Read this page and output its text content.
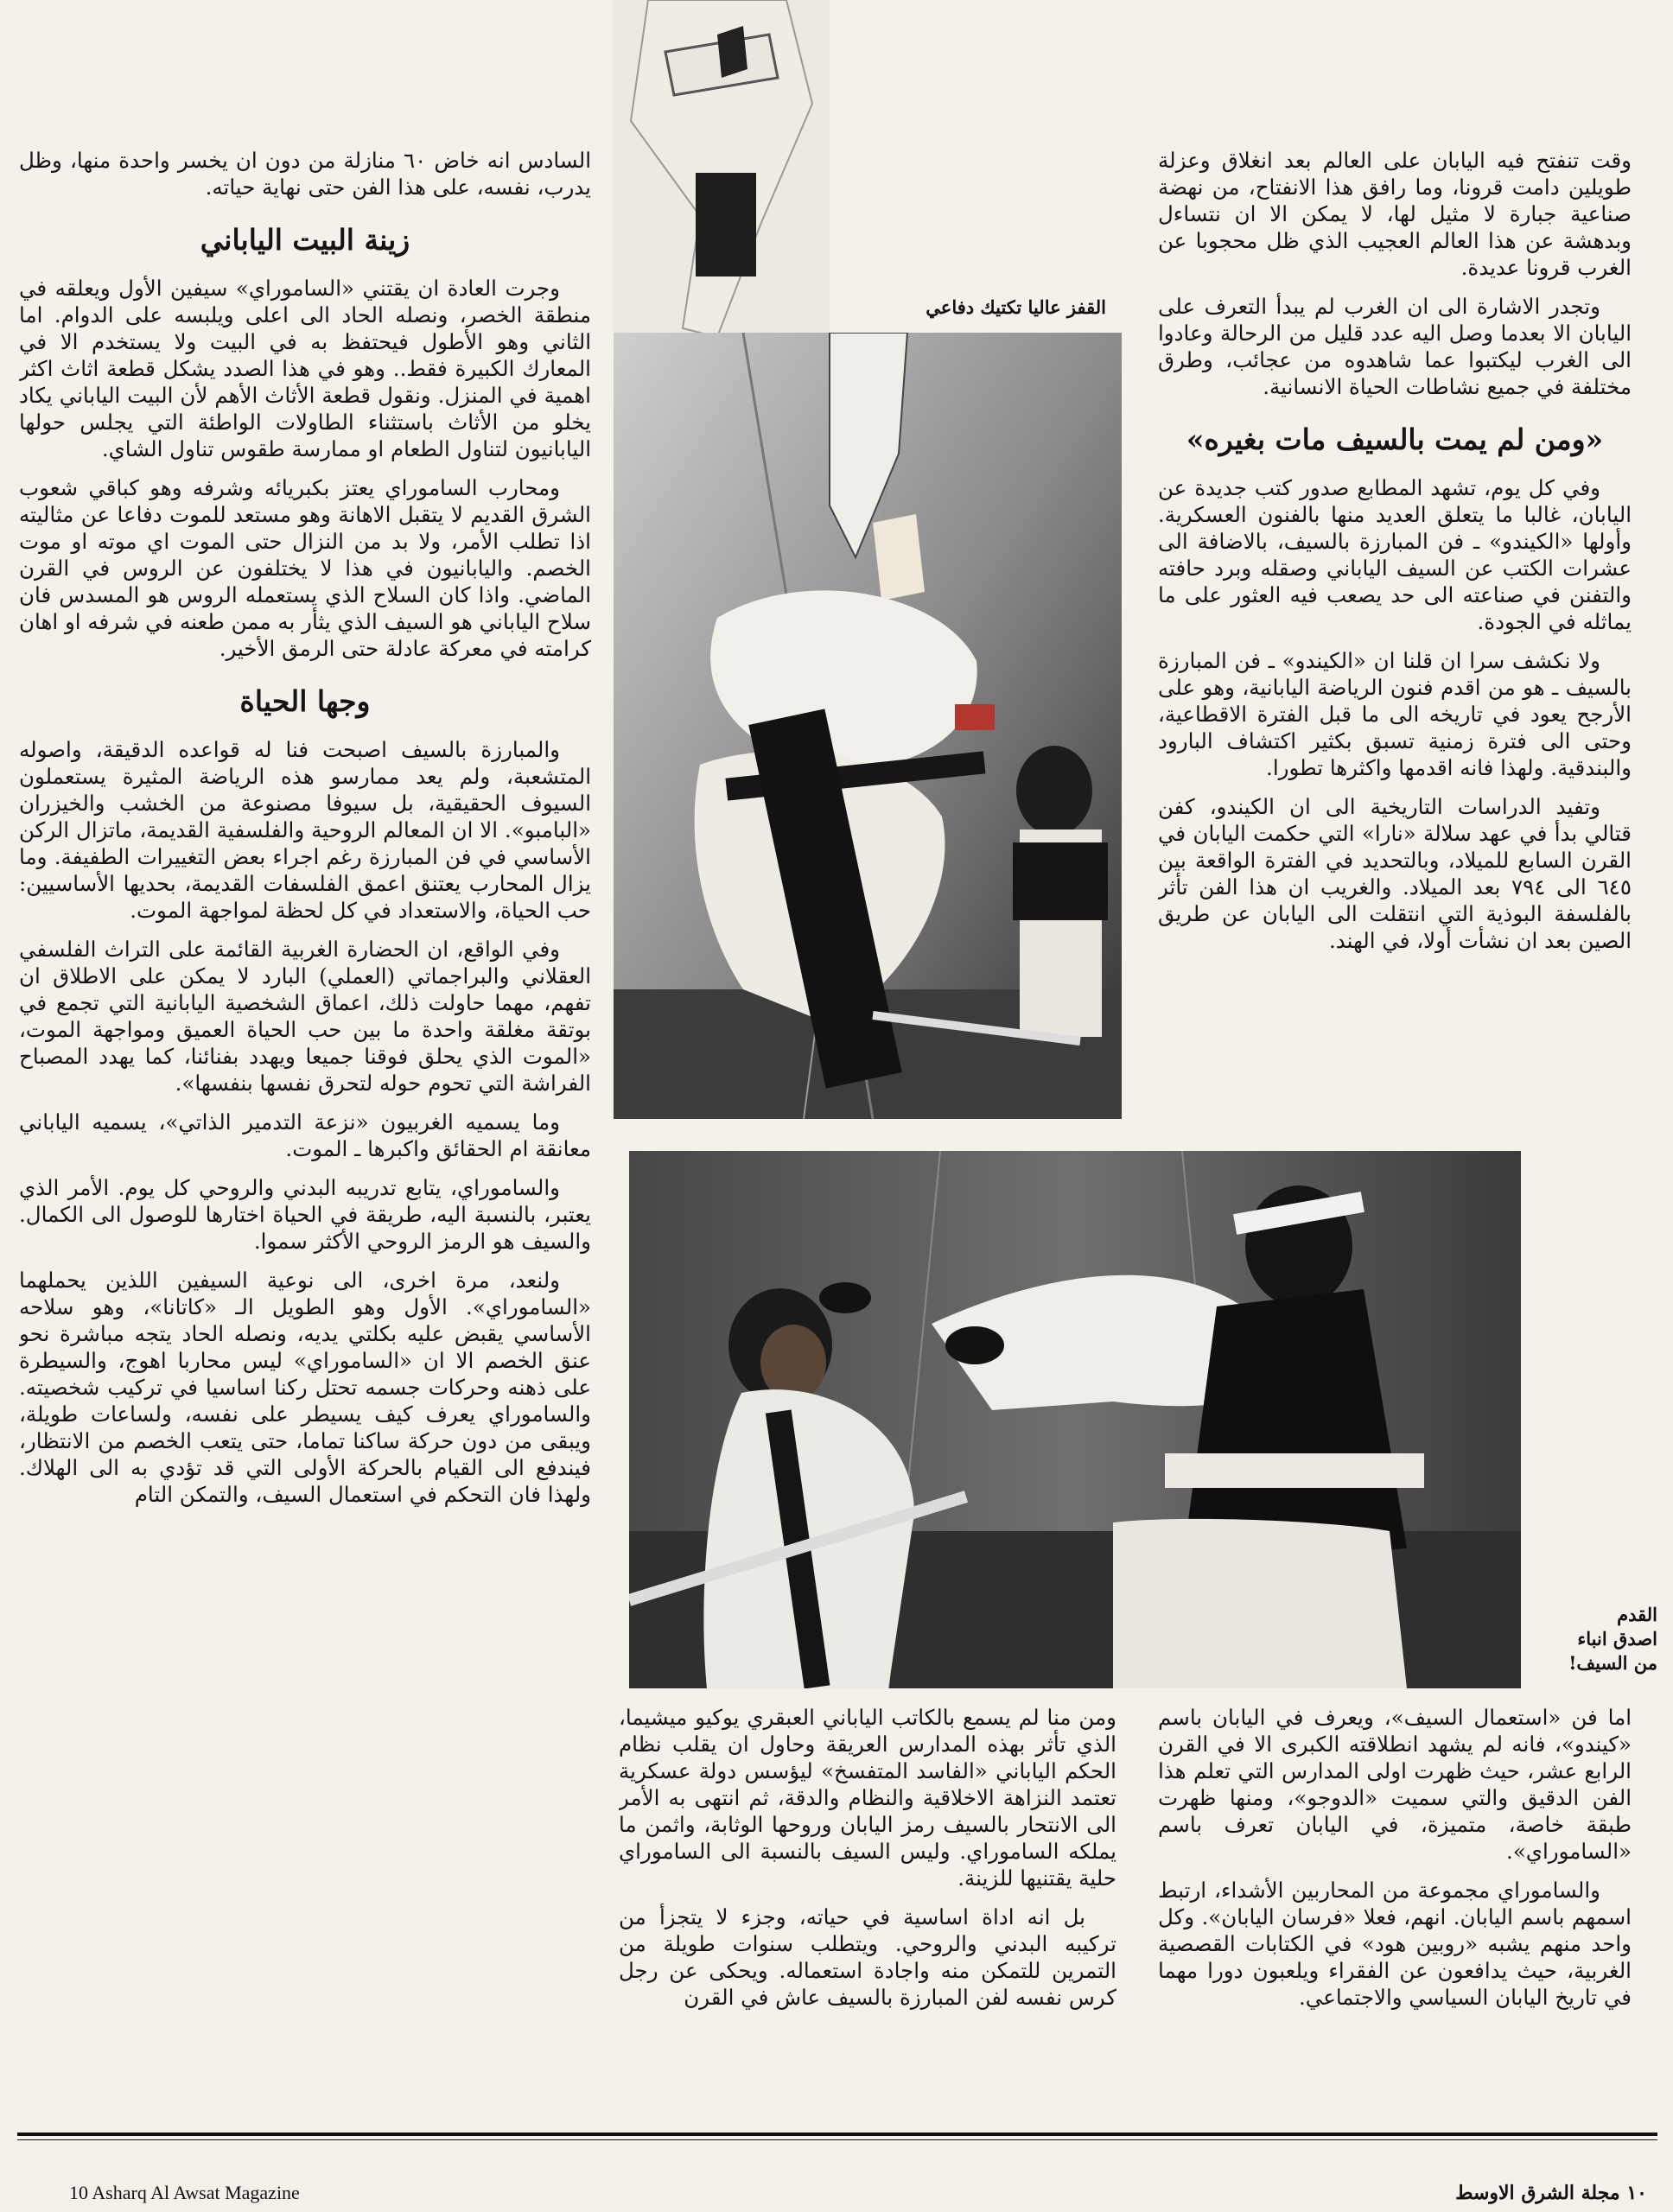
القفز عاليا تكتيك دفاعي
القدم
اصدق انباء
من السيف!

وقت تنفتح فيه اليابان على العالم بعد انغلاق وعزلة طويلين دامت قرونا، وما رافق هذا الانفتاح، من نهضة صناعية جبارة لا مثيل لها، لا يمكن الا ان نتساءل وبدهشة عن هذا العالم العجيب الذي ظل محجوبا عن الغرب قرونا عديدة.

وتجدر الاشارة الى ان الغرب لم يبدأ التعرف على اليابان الا بعدما وصل اليه عدد قليل من الرحالة وعادوا الى الغرب ليكتبوا عما شاهدوه من عجائب، وطرق مختلفة في جميع نشاطات الحياة الانسانية.

«ومن لم يمت بالسيف مات بغيره»

وفي كل يوم، تشهد المطابع صدور كتب جديدة عن اليابان، غالبا ما يتعلق العديد منها بالفنون العسكرية. وأولها «الكيندو» ـ فن المبارزة بالسيف، بالاضافة الى عشرات الكتب عن السيف الياباني وصقله وبرد حافته والتفنن في صناعته الى حد يصعب فيه العثور على ما يماثله في الجودة.

ولا نكشف سرا ان قلنا ان «الكيندو» ـ فن المبارزة بالسيف ـ هو من اقدم فنون الرياضة اليابانية، وهو على الأرجح يعود في تاريخه الى ما قبل الفترة الاقطاعية، وحتى الى فترة زمنية تسبق بكثير اكتشاف البارود والبندقية. ولهذا فانه اقدمها واكثرها تطورا.

وتفيد الدراسات التاريخية الى ان الكيندو، كفن قتالي بدأ في عهد سلالة «نارا» التي حكمت اليابان في القرن السابع للميلاد، وبالتحديد في الفترة الواقعة بين ٦٤٥ الى ٧٩٤ بعد الميلاد. والغريب ان هذا الفن تأثر بالفلسفة البوذية التي انتقلت الى اليابان عن طريق الصين بعد ان نشأت أولا، في الهند.

السادس انه خاض ٦٠ منازلة من دون ان يخسر واحدة منها، وظل يدرب، نفسه، على هذا الفن حتى نهاية حياته.

زينة البيت الياباني

وجرت العادة ان يقتني «الساموراي» سيفين الأول ويعلقه في منطقة الخصر، ونصله الحاد الى اعلى ويلبسه على الدوام. اما الثاني وهو الأطول فيحتفظ به في البيت ولا يستخدم الا في المعارك الكبيرة فقط.. وهو في هذا الصدد يشكل قطعة اثاث اكثر اهمية في المنزل. ونقول قطعة الأثاث الأهم لأن البيت الياباني يكاد يخلو من الأثاث باستثناء الطاولات الواطئة التي يجلس حولها اليابانيون لتناول الطعام او ممارسة طقوس تناول الشاي.

ومحارب الساموراي يعتز بكبريائه وشرفه وهو كباقي شعوب الشرق القديم لا يتقبل الاهانة وهو مستعد للموت دفاعا عن مثاليته اذا تطلب الأمر، ولا بد من النزال حتى الموت اي موته او موت الخصم. واليابانيون في هذا لا يختلفون عن الروس في القرن الماضي. واذا كان السلاح الذي يستعمله الروس هو المسدس فان سلاح الياباني هو السيف الذي يثأر به ممن طعنه في شرفه او اهان كرامته في معركة عادلة حتى الرمق الأخير.

وجها الحياة

والمبارزة بالسيف اصبحت فنا له قواعده الدقيقة، واصوله المتشعبة، ولم يعد ممارسو هذه الرياضة المثيرة يستعملون السيوف الحقيقية، بل سيوفا مصنوعة من الخشب والخيزران «البامبو». الا ان المعالم الروحية والفلسفية القديمة، ماتزال الركن الأساسي في فن المبارزة رغم اجراء بعض التغييرات الطفيفة. وما يزال المحارب يعتنق اعمق الفلسفات القديمة، بحديها الأساسيين: حب الحياة، والاستعداد في كل لحظة لمواجهة الموت.

وفي الواقع، ان الحضارة الغربية القائمة على التراث الفلسفي العقلاني والبراجماتي (العملي) البارد لا يمكن على الاطلاق ان تفهم، مهما حاولت ذلك، اعماق الشخصية اليابانية التي تجمع في بوتقة مغلقة واحدة ما بين حب الحياة العميق ومواجهة الموت، «الموت الذي يحلق فوقنا جميعا ويهدد بفنائنا، كما يهدد المصباح الفراشة التي تحوم حوله لتحرق نفسها بنفسها».

وما يسميه الغربيون «نزعة التدمير الذاتي»، يسميه الياباني معانقة ام الحقائق واكبرها ـ الموت.

والساموراي، يتابع تدريبه البدني والروحي كل يوم. الأمر الذي يعتبر، بالنسبة اليه، طريقة في الحياة اختارها للوصول الى الكمال. والسيف هو الرمز الروحي الأكثر سموا.

ولنعد، مرة اخرى، الى نوعية السيفين اللذين يحملهما «الساموراي». الأول وهو الطويل الـ «كاتانا»، وهو سلاحه الأساسي يقبض عليه بكلتي يديه، ونصله الحاد يتجه مباشرة نحو عنق الخصم الا ان «الساموراي» ليس محاربا اهوج، والسيطرة على ذهنه وحركات جسمه تحتل ركنا اساسيا في تركيب شخصيته. والساموراي يعرف كيف يسيطر على نفسه، ولساعات طويلة، ويبقى من دون حركة ساكنا تماما، حتى يتعب الخصم من الانتظار، فيندفع الى القيام بالحركة الأولى التي قد تؤدي به الى الهلاك. ولهذا فان التحكم في استعمال السيف، والتمكن التام

ومن منا لم يسمع بالكاتب الياباني العبقري يوكيو ميشيما، الذي تأثر بهذه المدارس العريقة وحاول ان يقلب نظام الحكم الياباني «الفاسد المتفسخ» ليؤسس دولة عسكرية تعتمد النزاهة الاخلاقية والنظام والدقة، ثم انتهى به الأمر الى الانتحار بالسيف رمز اليابان وروحها الوثابة، واثمن ما يملكه الساموراي. وليس السيف بالنسبة الى الساموراي حلية يقتنيها للزينة.

بل انه اداة اساسية في حياته، وجزء لا يتجزأ من تركيبه البدني والروحي. ويتطلب سنوات طويلة من التمرين للتمكن منه واجادة استعماله. ويحكى عن رجل كرس نفسه لفن المبارزة بالسيف عاش في القرن

اما فن «استعمال السيف»، ويعرف في اليابان باسم «كيندو»، فانه لم يشهد انطلاقته الكبرى الا في القرن الرابع عشر، حيث ظهرت اولى المدارس التي تعلم هذا الفن الدقيق والتي سميت «الدوجو»، ومنها ظهرت طبقة خاصة، متميزة، في اليابان تعرف باسم «الساموراي».

والساموراي مجموعة من المحاربين الأشداء، ارتبط اسمهم باسم اليابان. انهم، فعلا «فرسان اليابان». وكل واحد منهم يشبه «روبين هود» في الكتابات القصصية الغربية، حيث يدافعون عن الفقراء ويلعبون دورا مهما في تاريخ اليابان السياسي والاجتماعي.

10 Asharq Al Awsat Magazine	١٠ مجلة الشرق الاوسط
